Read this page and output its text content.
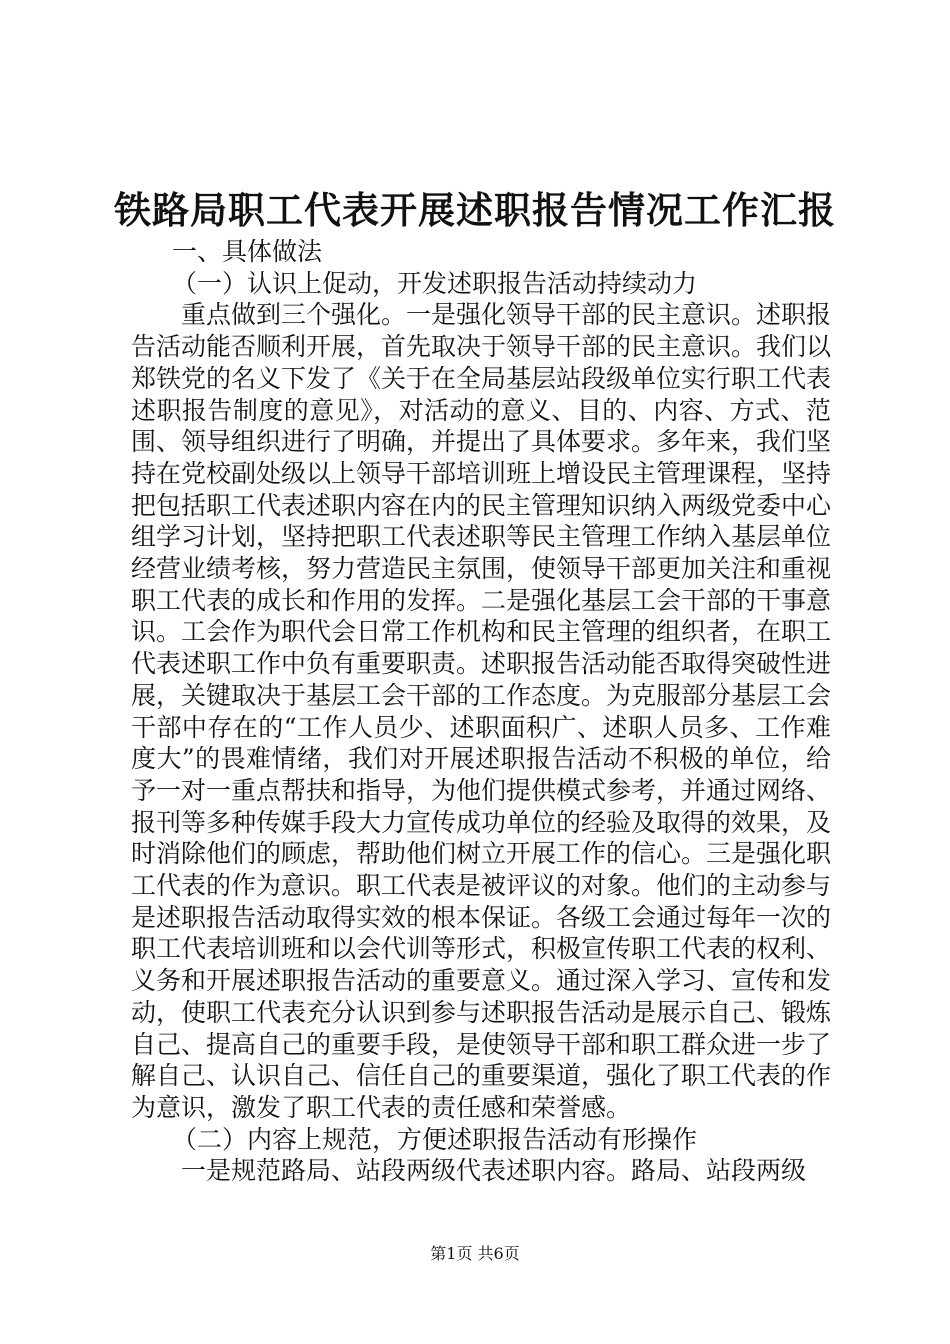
铁路局职工代表开展述职报告情况工作汇报

一、具体做法

（一）认识上促动，开发述职报告活动持续动力

重点做到三个强化。一是强化领导干部的民主意识。述职报告活动能否顺利开展，首先取决于领导干部的民主意识。我们以郑铁党的名义下发了《关于在全局基层站段级单位实行职工代表述职报告制度的意见》，对活动的意义、目的、内容、方式、范围、领导组织进行了明确，并提出了具体要求。多年来，我们坚持在党校副处级以上领导干部培训班上增设民主管理课程，坚持把包括职工代表述职内容在内的民主管理知识纳入两级党委中心组学习计划，坚持把职工代表述职等民主管理工作纳入基层单位经营业绩考核，努力营造民主氛围，使领导干部更加关注和重视职工代表的成长和作用的发挥。二是强化基层工会干部的干事意识。工会作为职代会日常工作机构和民主管理的组织者，在职工代表述职工作中负有重要职责。述职报告活动能否取得突破性进展，关键取决于基层工会干部的工作态度。为克服部分基层工会干部中存在的“工作人员少、述职面积广、述职人员多、工作难度大”的畏难情绪，我们对开展述职报告活动不积极的单位，给予一对一重点帮扶和指导，为他们提供模式参考，并通过网络、报刊等多种传媒手段大力宣传成功单位的经验及取得的效果，及时消除他们的顾虑，帮助他们树立开展工作的信心。三是强化职工代表的作为意识。职工代表是被评议的对象。他们的主动参与是述职报告活动取得实效的根本保证。各级工会通过每年一次的职工代表培训班和以会代训等形式，积极宣传职工代表的权利、义务和开展述职报告活动的重要意义。通过深入学习、宣传和发动，使职工代表充分认识到参与述职报告活动是展示自己、锻炼自己、提高自己的重要手段，是使领导干部和职工群众进一步了解自己、认识自己、信任自己的重要渠道，强化了职工代表的作为意识，激发了职工代表的责任感和荣誉感。

（二）内容上规范，方便述职报告活动有形操作

一是规范路局、站段两级代表述职内容。路局、站段两级

第1页 共6页
